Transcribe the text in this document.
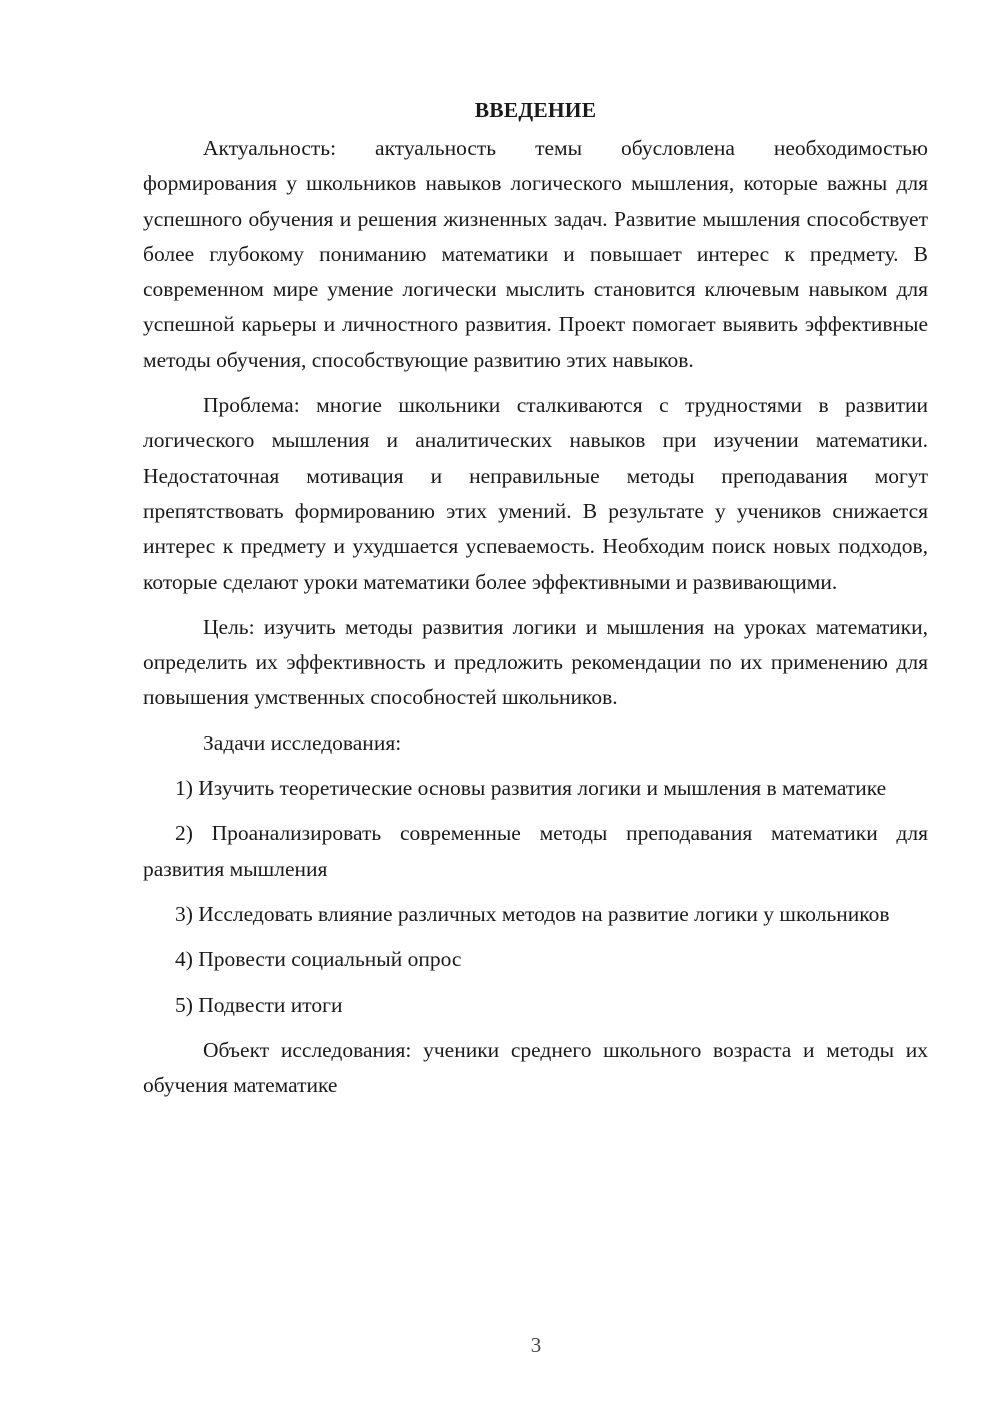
ВВЕДЕНИЕ

Актуальность: актуальность темы обусловлена необходимостью формирования у школьников навыков логического мышления, которые важны для успешного обучения и решения жизненных задач. Развитие мышления способствует более глубокому пониманию математики и повышает интерес к предмету. В современном мире умение логически мыслить становится ключевым навыком для успешной карьеры и личностного развития. Проект помогает выявить эффективные методы обучения, способствующие развитию этих навыков.

Проблема: многие школьники сталкиваются с трудностями в развитии логического мышления и аналитических навыков при изучении математики. Недостаточная мотивация и неправильные методы преподавания могут препятствовать формированию этих умений. В результате у учеников снижается интерес к предмету и ухудшается успеваемость. Необходим поиск новых подходов, которые сделают уроки математики более эффективными и развивающими.

Цель: изучить методы развития логики и мышления на уроках математики, определить их эффективность и предложить рекомендации по их применению для повышения умственных способностей школьников.

Задачи исследования:

1) Изучить теоретические основы развития логики и мышления в математике

2) Проанализировать современные методы преподавания математики для развития мышления

3) Исследовать влияние различных методов на развитие логики у школьников

4) Провести социальный опрос

5) Подвести итоги

Объект исследования: ученики среднего школьного возраста и методы их обучения математике

3
